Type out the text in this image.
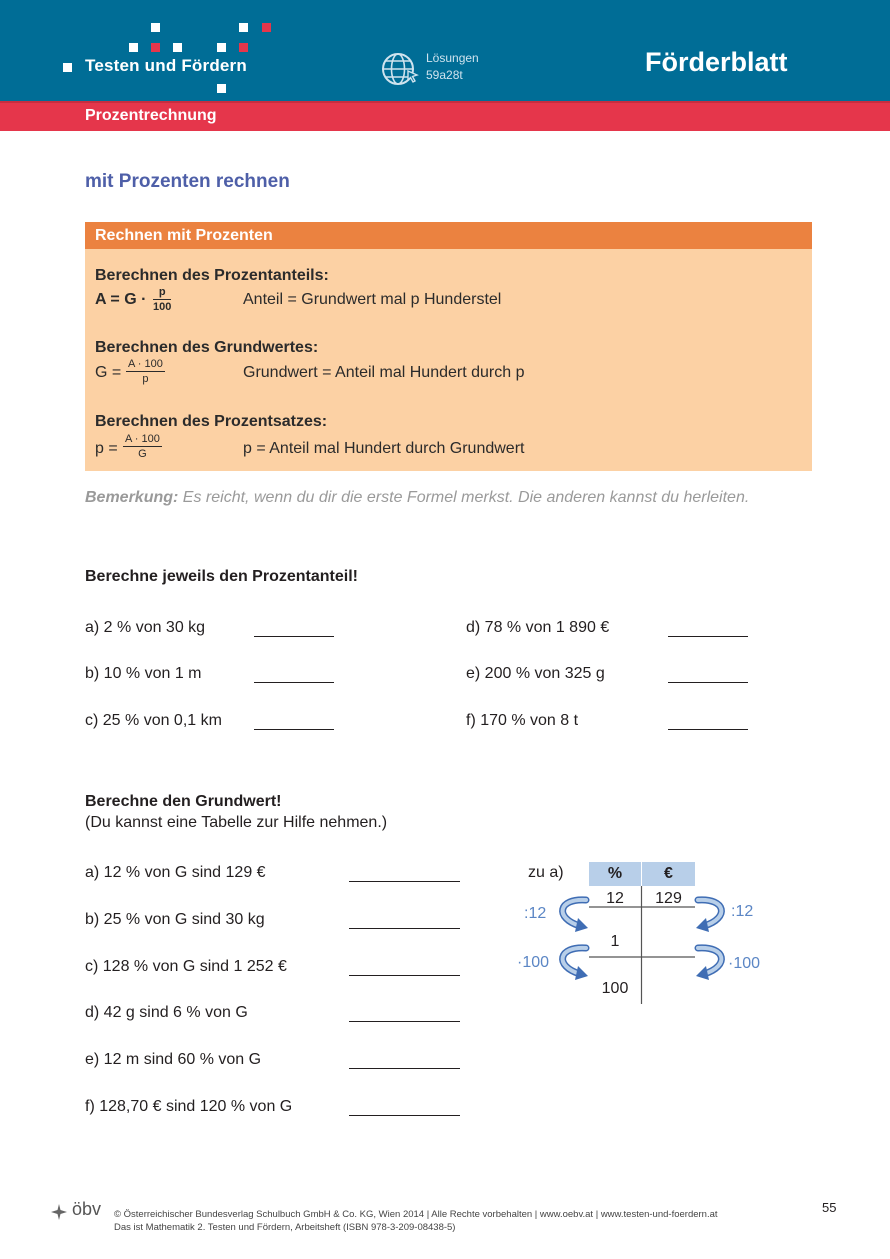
Testen und Fördern	Lösungen
59a28t	Förderblatt
Prozentrechnung
mit Prozenten rechnen
Rechnen mit Prozenten
Berechnen des Prozentanteils:
$A = G \cdot \frac{p}{100}$	Anteil = Grundwert mal p Hunderstel
Berechnen des Grundwertes:
$G = \frac{A \cdot 100}{p}$	Grundwert = Anteil mal Hundert durch p
Berechnen des Prozentsatzes:
$p = \frac{A \cdot 100}{G}$	p = Anteil mal Hundert durch Grundwert
Bemerkung: Es reicht, wenn du dir die erste Formel merkst. Die anderen kannst du herleiten.
Berechne jeweils den Prozentanteil!
a) 2 % von 30 kg
b) 10 % von 1 m
c) 25 % von 0,1 km
d) 78 % von 1 890 €
e) 200 % von 325 g
f) 170 % von 8 t
Berechne den Grundwert!
(Du kannst eine Tabelle zur Hilfe nehmen.)
a) 12 % von G sind 129 €
b) 25 % von G sind 30 kg
c) 128 % von G sind 1 252 €
d) 42 g sind 6 % von G
e) 12 m sind 60 % von G
f) 128,70 € sind 120 % von G
zu a)	%	€
12	129
1
100
:12	:12
·100	·100
öbv © Österreichischer Bundesverlag Schulbuch GmbH & Co. KG, Wien 2014 | Alle Rechte vorbehalten | www.oebv.at | www.testen-und-foerdern.at
Das ist Mathematik 2. Testen und Fördern, Arbeitsheft (ISBN 978-3-209-08438-5)
55
